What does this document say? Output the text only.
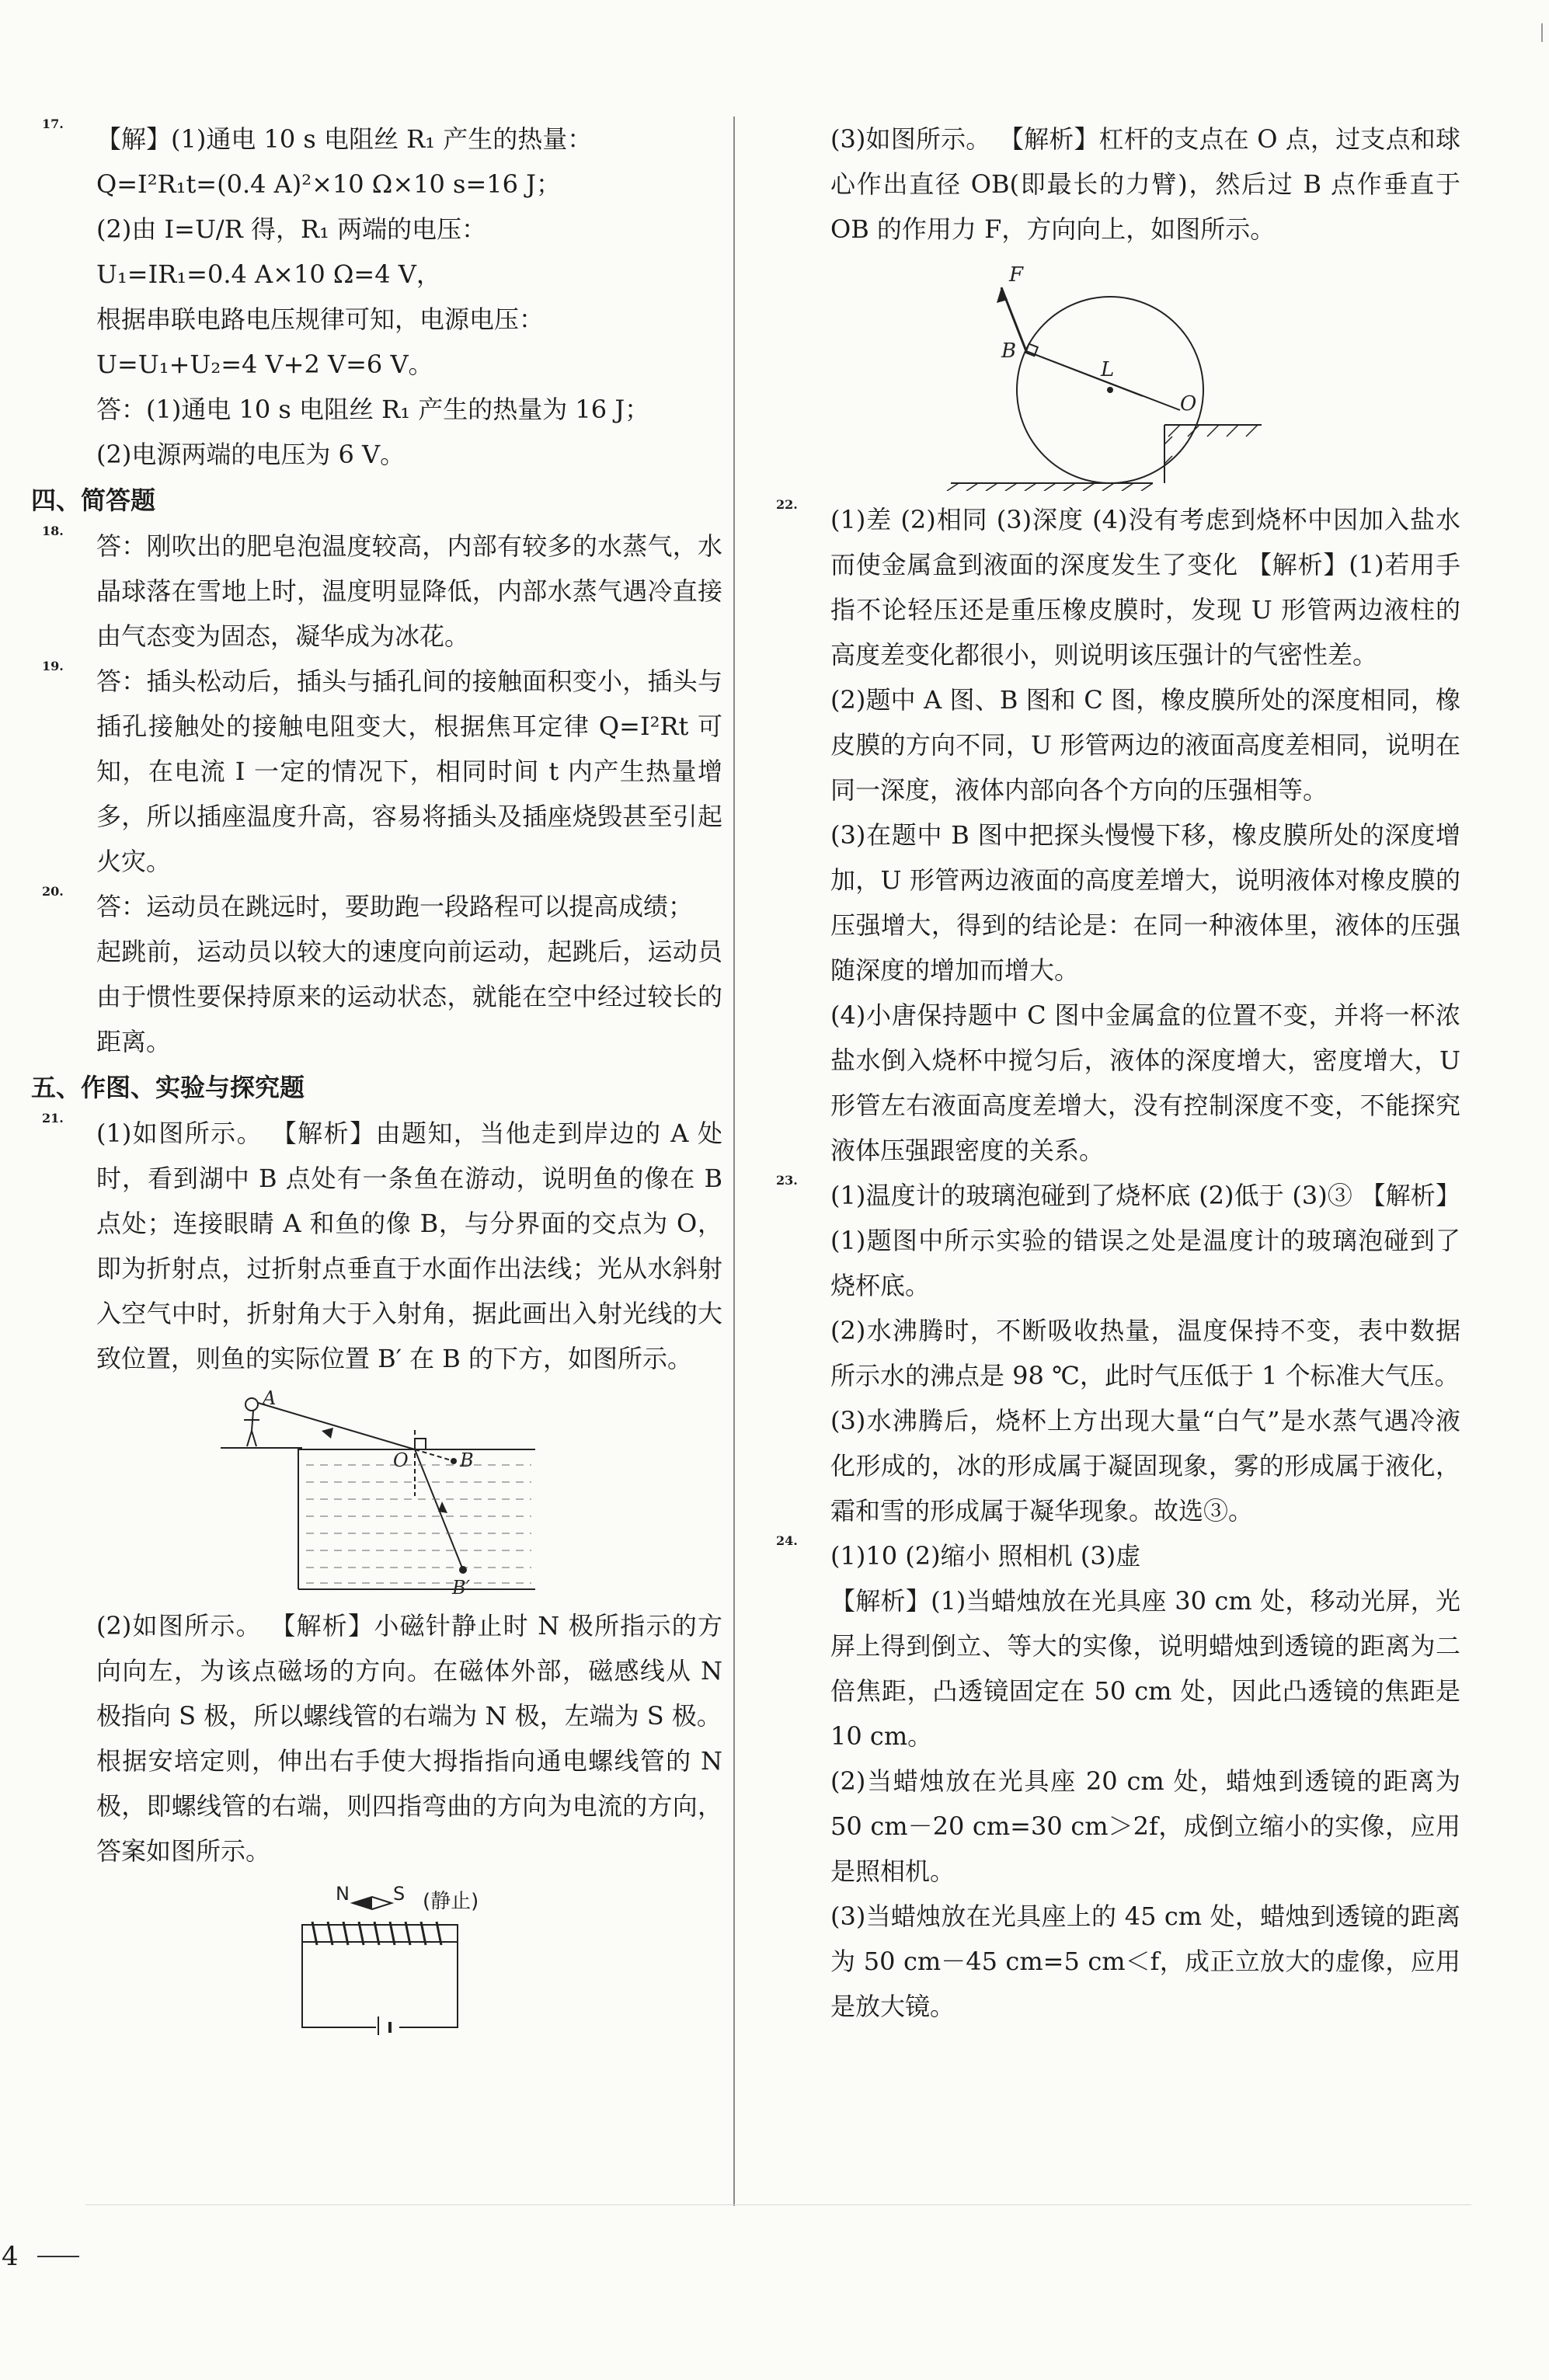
17.

【解】(1)通电 10 s 电阻丝 R₁ 产生的热量：

Q=I²R₁t=(0.4 A)²×10 Ω×10 s=16 J；

(2)由 I=U/R 得，R₁ 两端的电压：

U₁=IR₁=0.4 A×10 Ω=4 V，

根据串联电路电压规律可知，电源电压：

U=U₁+U₂=4 V+2 V=6 V。

答：(1)通电 10 s 电阻丝 R₁ 产生的热量为 16 J；

(2)电源两端的电压为 6 V。

四、简答题

18.

答：刚吹出的肥皂泡温度较高，内部有较多的水蒸气，水晶球落在雪地上时，温度明显降低，内部水蒸气遇冷直接由气态变为固态，凝华成为冰花。

19.

答：插头松动后，插头与插孔间的接触面积变小，插头与插孔接触处的接触电阻变大，根据焦耳定律 Q=I²Rt 可知，在电流 I 一定的情况下，相同时间 t 内产生热量增多，所以插座温度升高，容易将插头及插座烧毁甚至引起火灾。

20.

答：运动员在跳远时，要助跑一段路程可以提高成绩；

起跳前，运动员以较大的速度向前运动，起跳后，运动员由于惯性要保持原来的运动状态，就能在空中经过较长的距离。

五、作图、实验与探究题

21.

(1)如图所示。 【解析】由题知，当他走到岸边的 A 处时，看到湖中 B 点处有一条鱼在游动，说明鱼的像在 B 点处；连接眼睛 A 和鱼的像 B，与分界面的交点为 O，即为折射点，过折射点垂直于水面作出法线；光从水斜射入空气中时，折射角大于入射角，据此画出入射光线的大致位置，则鱼的实际位置 B′ 在 B 的下方，如图所示。

A
O	B
B′

(2)如图所示。 【解析】小磁针静止时 N 极所指示的方向向左，为该点磁场的方向。在磁体外部，磁感线从 N 极指向 S 极，所以螺线管的右端为 N 极，左端为 S 极。

根据安培定则，伸出右手使大拇指指向通电螺线管的 N 极，即螺线管的右端，则四指弯曲的方向为电流的方向，答案如图所示。

N S (静止)

(3)如图所示。 【解析】杠杆的支点在 O 点，过支点和球心作出直径 OB(即最长的力臂)，然后过 B 点作垂直于 OB 的作用力 F，方向向上，如图所示。

F
B
L
O
22.

(1)差 (2)相同 (3)深度 (4)没有考虑到烧杯中因加入盐水而使金属盒到液面的深度发生了变化 【解析】(1)若用手指不论轻压还是重压橡皮膜时，发现 U 形管两边液柱的高度差变化都很小，则说明该压强计的气密性差。

(2)题中 A 图、B 图和 C 图，橡皮膜所处的深度相同，橡皮膜的方向不同，U 形管两边的液面高度差相同，说明在同一深度，液体内部向各个方向的压强相等。

(3)在题中 B 图中把探头慢慢下移，橡皮膜所处的深度增加，U 形管两边液面的高度差增大，说明液体对橡皮膜的压强增大，得到的结论是：在同一种液体里，液体的压强随深度的增加而增大。

(4)小唐保持题中 C 图中金属盒的位置不变，并将一杯浓盐水倒入烧杯中搅匀后，液体的深度增大，密度增大，U 形管左右液面高度差增大，没有控制深度不变，不能探究液体压强跟密度的关系。

23.

(1)温度计的玻璃泡碰到了烧杯底 (2)低于 (3)③ 【解析】(1)题图中所示实验的错误之处是温度计的玻璃泡碰到了烧杯底。

(2)水沸腾时，不断吸收热量，温度保持不变，表中数据所示水的沸点是 98 ℃，此时气压低于 1 个标准大气压。

(3)水沸腾后，烧杯上方出现大量“白气”是水蒸气遇冷液化形成的，冰的形成属于凝固现象，雾的形成属于液化，霜和雪的形成属于凝华现象。故选③。

24.

(1)10 (2)缩小 照相机 (3)虚

【解析】(1)当蜡烛放在光具座 30 cm 处，移动光屏，光屏上得到倒立、等大的实像，说明蜡烛到透镜的距离为二倍焦距，凸透镜固定在 50 cm 处，因此凸透镜的焦距是 10 cm。

(2)当蜡烛放在光具座 20 cm 处，蜡烛到透镜的距离为 50 cm－20 cm=30 cm＞2f，成倒立缩小的实像，应用是照相机。

(3)当蜡烛放在光具座上的 45 cm 处，蜡烛到透镜的距离为 50 cm－45 cm=5 cm＜f，成正立放大的虚像，应用是放大镜。

4
